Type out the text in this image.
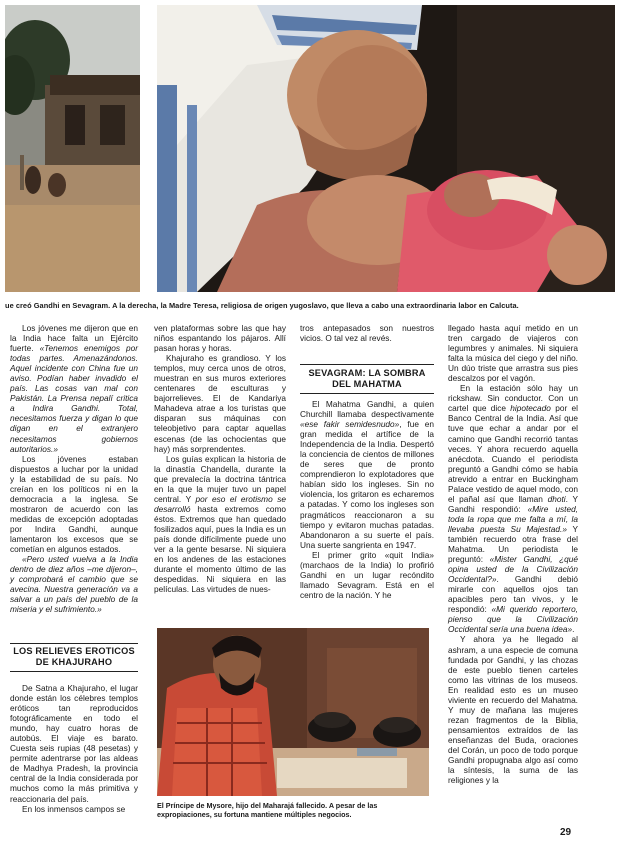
ue creó Gandhi en Sevagram. A la derecha, la Madre Teresa, religiosa de origen yugoslavo, que lleva a cabo una extraordinaria labor en Calcuta.
El Príncipe de Mysore, hijo del Maharajá fallecido. A pesar de las expropiaciones, su fortuna mantiene múltiples negocios.

Los jóvenes me dijeron que en la India hace falta un Ejército fuerte. «Tenemos enemigos por todas partes. Amenazándonos. Aquel incidente con China fue un aviso. Podían haber invadido el país. Las cosas van mal con Pakistán. La Prensa nepalí critica a Indira Gandhi. Total, necesitamos fuerza y digan lo que digan en el extranjero necesitamos gobiernos autoritarios.»

Los jóvenes estaban dispuestos a luchar por la unidad y la estabilidad de su país. No creían en los políticos ni en la democracia a la inglesa. Se mostraron de acuerdo con las medidas de excepción adoptadas por Indira Gandhi, aunque lamentaron los excesos que se cometían en algunos estados.

«Pero usted vuelva a la India dentro de diez años –me dijeron–, y comprobará el cambio que se avecina. Nuestra generación va a salvar a un país del pueblo de la miseria y el sufrimiento.»

LOS RELIEVES EROTICOS
DE KHAJURAHO

De Satna a Khajuraho, el lugar donde están los célebres templos eróticos tan reproducidos fotográficamente en todo el mundo, hay cuatro horas de autobús. El viaje es barato. Cuesta seis rupias (48 pesetas) y permite adentrarse por las aldeas de Madhya Pradesh, la provincia central de la India considerada por muchos como la más primitiva y reaccionaria del país.

En los inmensos campos se

ven plataformas sobre las que hay niños espantando los pájaros. Allí pasan horas y horas.

Khajuraho es grandioso. Y los templos, muy cerca unos de otros, muestran en sus muros exteriores centenares de esculturas y bajorrelieves. El de Kandariya Mahadeva atrae a los turistas que disparan sus máquinas con teleobjetivo para captar aquellas escenas (de las ochocientas que hay) más sorprendentes.

Los guías explican la historia de la dinastía Chandella, durante la que prevalecía la doctrina tántrica en la que la mujer tuvo un papel central. Y por eso el erotismo se desarrolló hasta extremos como éstos. Extremos que han quedado fosilizados aquí, pues la India es un país donde difícilmente puede uno ver a la gente besarse. Ni siquiera en los andenes de las estaciones durante el momento último de las despedidas. Ni siquiera en las películas. Las virtudes de nues-

tros antepasados son nuestros vicios. O tal vez al revés.

SEVAGRAM: LA SOMBRA
DEL MAHATMA

El Mahatma Gandhi, a quien Churchill llamaba despectivamente «ese fakir semidesnudo», fue en gran medida el artífice de la Independencia de la India. Despertó la conciencia de cientos de millones de seres que de pronto comprendieron lo explotadores que habían sido los ingleses. Sin no violencia, los gritaron es echaremos a patadas. Y como los ingleses son pragmáticos reaccionaron a su tiempo y evitaron muchas patadas. Abandonaron a su suerte el país. Una suerte sangrienta en 1947.

El primer grito «quit India» (marchaos de la India) lo profirió Gandhi en un lugar recóndito llamado Sevagram. Está en el centro de la nación. Y he

llegado hasta aquí metido en un tren cargado de viajeros con legumbres y animales. Ni siquiera falta la música del ciego y del niño. Un dúo triste que arrastra sus pies descalzos por el vagón.

En la estación sólo hay un rickshaw. Sin conductor. Con un cartel que dice hipotecado por el Banco Central de la India. Así que tuve que echar a andar por el camino que Gandhi recorrió tantas veces. Y ahora recuerdo aquella anécdota. Cuando el periodista preguntó a Gandhi cómo se había atrevido a entrar en Buckingham Palace vestido de aquel modo, con el pañal así que llaman dhoti. Y Gandhi respondió: «Mire usted, toda la ropa que me falta a mí, la llevaba puesta Su Majestad.» Y también recuerdo otra frase del Mahatma. Un periodista le preguntó: «Mister Gandhi, ¿qué opina usted de la Civilización Occidental?». Gandhi debió mirarle con aquellos ojos tan apacibles pero tan vivos, y le respondió: «Mi querido reportero, pienso que la Civilización Occidental sería una buena idea».

Y ahora ya he llegado al ashram, a una especie de comuna fundada por Gandhi, y las chozas de este pueblo tienen carteles como las vitrinas de los museos. En realidad esto es un museo viviente en recuerdo del Mahatma. Y muy de mañana las mujeres rezan fragmentos de la Biblia, pensamientos extraídos de las enseñanzas del Buda, oraciones del Corán, un poco de todo porque Gandhi propugnaba algo así como la síntesis, la suma de las religiones y la

29
